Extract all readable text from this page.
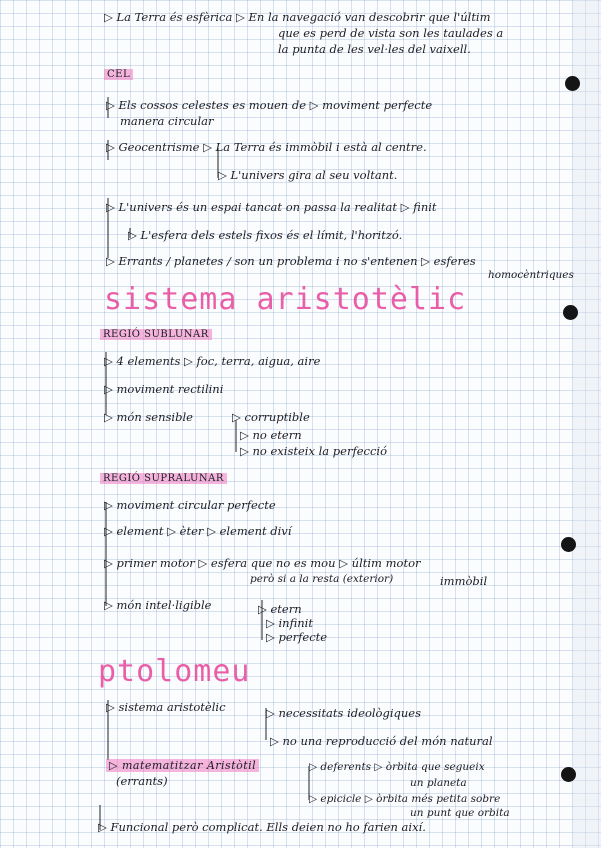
▷ La Terra és esfèrica ▷ En la navegació van descobrir que l'últim
que es perd de vista son les taulades a
la punta de les vel·les del vaixell.
CEL
▷ Els cossos celestes es mouen de ▷ moviment perfecte
manera circular
▷ Geocentrisme ▷ La Terra és immòbil i està al centre.
▷ L'univers gira al seu voltant.
▷ L'univers és un espai tancat on passa la realitat ▷ finit
▷ L'esfera dels estels fixos és el límit, l'horitzó.
▷ Errants / planetes / son un problema i no s'entenen ▷ esferes
homocèntriques
sistema aristotèlic
REGIÓ SUBLUNAR
▷ 4 elements ▷ foc, terra, aigua, aire
▷ moviment rectilini
▷ món sensible	▷ corruptible
▷ no etern
▷ no existeix la perfecció
REGIÓ SUPRALUNAR
▷ moviment circular perfecte
▷ element ▷ èter ▷ element diví
▷ primer motor ▷ esfera que no es mou ▷ últim motor
però si a la resta (exterior)	immòbil
▷ món intel·ligible	▷ etern
▷ infinit
▷ perfecte
ptolomeu
▷ sistema aristotèlic	▷ necessitats ideològiques
▷ no una reproducció del món natural
▷ matematitzar Aristòtil
(errants)
▷ deferents ▷ òrbita que segueix
un planeta
▷ epicicle ▷ òrbita més petita sobre
un punt que orbita
▷ Funcional però complicat. Ells deien no ho farien així.
